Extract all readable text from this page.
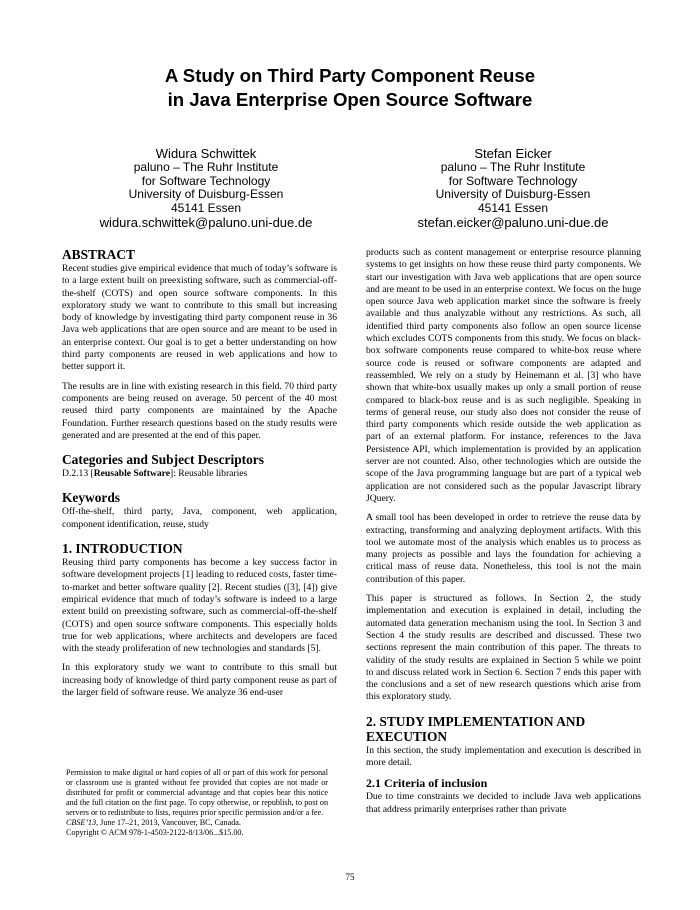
A Study on Third Party Component Reuse
in Java Enterprise Open Source Software
Widura Schwittek
paluno – The Ruhr Institute
for Software Technology
University of Duisburg-Essen
45141 Essen
widura.schwittek@paluno.uni-due.de
Stefan Eicker
paluno – The Ruhr Institute
for Software Technology
University of Duisburg-Essen
45141 Essen
stefan.eicker@paluno.uni-due.de
ABSTRACT

Recent studies give empirical evidence that much of today’s software is to a large extent built on preexisting software, such as commercial-off-the-shelf (COTS) and open source software components. In this exploratory study we want to contribute to this small but increasing body of knowledge by investigating third party component reuse in 36 Java web applications that are open source and are meant to be used in an enterprise context. Our goal is to get a better understanding on how third party components are reused in web applications and how to better support it.

The results are in line with existing research in this field. 70 third party components are being reused on average. 50 percent of the 40 most reused third party components are maintained by the Apache Foundation. Further research questions based on the study results were generated and are presented at the end of this paper.

Categories and Subject Descriptors

D.2.13 [Reusable Software]: Reusable libraries

Keywords

Off-the-shelf, third party, Java, component, web application, component identification, reuse, study

1. INTRODUCTION

Reusing third party components has become a key success factor in software development projects [1] leading to reduced costs, faster time-to-market and better software quality [2]. Recent studies ([3], [4]) give empirical evidence that much of today’s software is indeed to a large extent build on preexisting software, such as commercial-off-the-shelf (COTS) and open source software components. This especially holds true for web applications, where architects and developers are faced with the steady proliferation of new technologies and standards [5].

In this exploratory study we want to contribute to this small but increasing body of knowledge of third party component reuse as part of the larger field of software reuse. We analyze 36 end-user

Permission to make digital or hard copies of all or part of this work for personal or classroom use is granted without fee provided that copies are not made or distributed for profit or commercial advantage and that copies bear this notice and the full citation on the first page. To copy otherwise, or republish, to post on servers or to redistribute to lists, requires prior specific permission and/or a fee.

CBSE’13, June 17–21, 2013, Vancouver, BC, Canada.

Copyright © ACM 978-1-4503-2122-8/13/06...$15.00.

products such as content management or enterprise resource planning systems to get insights on how these reuse third party components. We start our investigation with Java web applications that are open source and are meant to be used in an enterprise context. We focus on the huge open source Java web application market since the software is freely available and thus analyzable without any restrictions. As such, all identified third party components also follow an open source license which excludes COTS components from this study. We focus on black-box software components reuse compared to white-box reuse where source code is reused or software components are adapted and reassembled. We rely on a study by Heinemann et al. [3] who have shown that white-box usually makes up only a small portion of reuse compared to black-box reuse and is as such negligible. Speaking in terms of general reuse, our study also does not consider the reuse of third party components which reside outside the web application as part of an external platform. For instance, references to the Java Persistence API, which implementation is provided by an application server are not counted. Also, other technologies which are outside the scope of the Java programming language but are part of a typical web application are not considered such as the popular Javascript library JQuery.

A small tool has been developed in order to retrieve the reuse data by extracting, transforming and analyzing deployment artifacts. With this tool we automate most of the analysis which enables us to process as many projects as possible and lays the foundation for achieving a critical mass of reuse data. Nonetheless, this tool is not the main contribution of this paper.

This paper is structured as follows. In Section 2, the study implementation and execution is explained in detail, including the automated data generation mechanism using the tool. In Section 3 and Section 4 the study results are described and discussed. These two sections represent the main contribution of this paper. The threats to validity of the study results are explained in Section 5 while we point to and discuss related work in Section 6. Section 7 ends this paper with the conclusions and a set of new research questions which arise from this exploratory study.

2. STUDY IMPLEMENTATION AND
EXECUTION

In this section, the study implementation and execution is described in more detail.

2.1 Criteria of inclusion

Due to time constraints we decided to include Java web applications that address primarily enterprises rather than private

75
